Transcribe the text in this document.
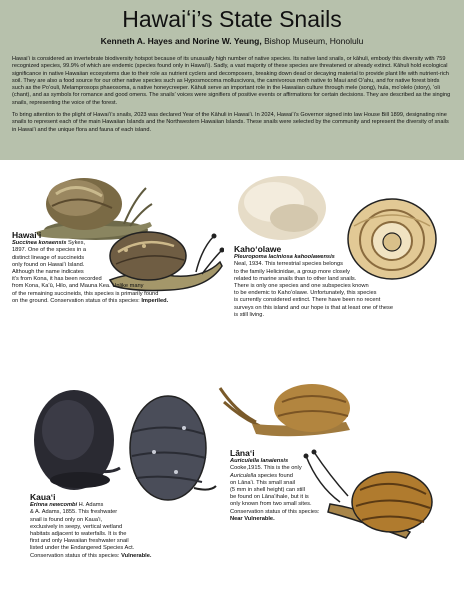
Hawaiʻi’s State Snails
Kenneth A. Hayes and Norine W. Yeung, Bishop Museum, Honolulu

Hawaiʻi is considered an invertebrate biodiversity hotspot because of its unusually high number of native species. Its native land snails, or kāhuli, embody this diversity with 759 recognized species, 99.9% of which are endemic (species found only in Hawaiʻi). Sadly, a vast majority of these species are threatened or already extinct. Kāhuli hold ecological significance in native Hawaiian ecosystems due to their role as nutrient cyclers and decomposers, breaking down dead or decaying material to provide plant life with nutrient-rich soil. They are also a food source for our other native species such as Hyposmocoma molluscivora, the carnivorous moth native to Maui and Oʻahu, and for native forest birds such as the Poʻouli, Melamprosops phaeosoma, a native honeycreeper. Kāhuli serve an important role in the Hawaiian culture through mele (song), hula, moʻolelo (story), ʻoli (chant), and as symbols for romance and good omens. The snails’ voices were signifiers of positive events or affirmations for certain decisions. They are described as the singing snails, representing the voice of the forest.

To bring attention to the plight of Hawaiʻi’s snails, 2023 was declared Year of the Kāhuli in Hawaiʻi. In 2024, Hawaiʻi’s Governor signed into law House Bill 1899, designating nine snails to represent each of the main Hawaiian Islands and the Northwestern Hawaiian Islands. These snails were selected by the community and represent the diversity of snails in Hawaiʻi and the unique flora and fauna of each island.

Hawaiʻi
Succinea konaensis Sykes,
1897. One of the species in a
distinct lineage of succineids
only found on Hawaiʻi Island.
Although the name indicates
it’s from Kona, it has been recorded
from Kona, Kaʻū, Hilo, and Mauna Kea. Unlike many
of the remaining succineids, this species is primarily found
on the ground. Conservation status of this species: Imperiled.
Kahoʻolawe
Pleuropoma laciniosa kahoolawensis
Neal, 1934. This terrestrial species belongs
to the family Helicinidae, a group more closely
related to marine snails than to other land snails.
There is only one species and one subspecies known
to be endemic to Kahoʻolawe. Unfortunately, this species
is currently considered extinct. There have been no recent
surveys on this island and our hope is that at least one of these
is still living.
Kauaʻi
Erinna newcombi H. Adams
& A. Adams, 1855. This freshwater
snail is found only on Kauaʻi,
exclusively in seepy, vertical wetland
habitats adjacent to waterfalls. It is the
first and only Hawaiian freshwater snail
listed under the Endangered Species Act.
Conservation status of this species: Vulnerable.
Lānaʻi
Auriculella lanaiensis
Cooke,1915. This is the only
Auriculella species found
on Lānaʻi. This small snail
(5 mm in shell height) can still
be found on Lānaʻihale, but it is
only known from two small sites.
Conservation status of this species:
Near Vulnerable.
